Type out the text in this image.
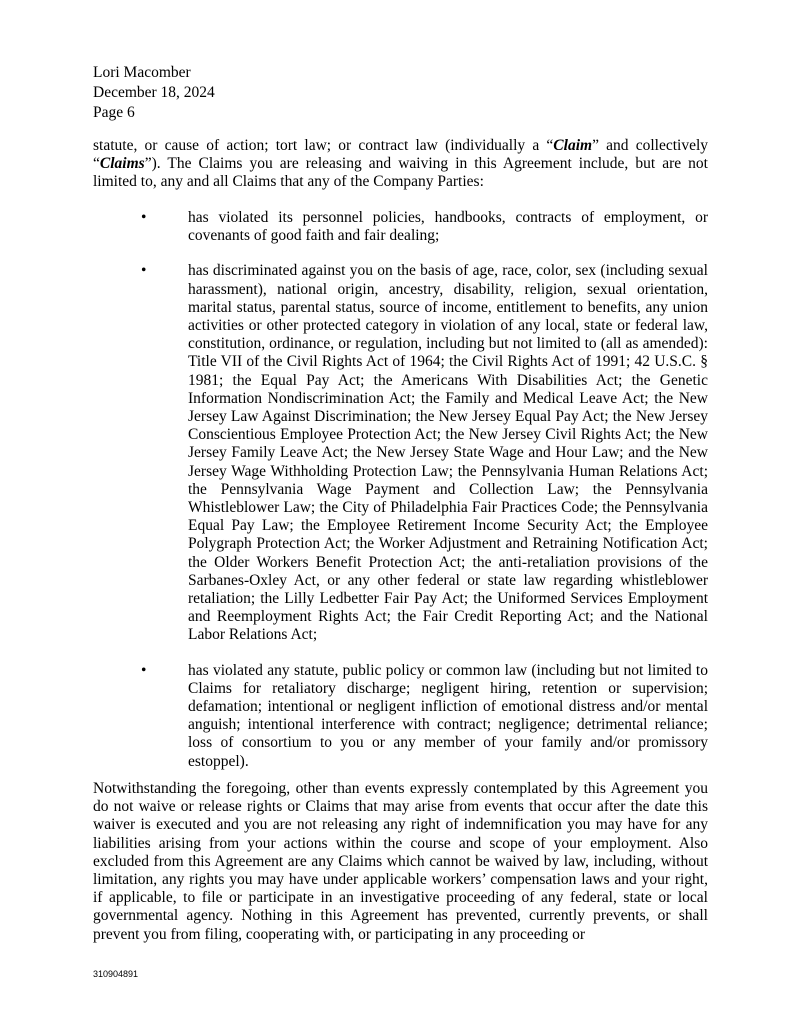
Lori Macomber
December 18, 2024
Page 6
statute, or cause of action; tort law; or contract law (individually a “Claim” and collectively “Claims”). The Claims you are releasing and waiving in this Agreement include, but are not limited to, any and all Claims that any of the Company Parties:
•	has violated its personnel policies, handbooks, contracts of employment, or covenants of good faith and fair dealing;
•	has discriminated against you on the basis of age, race, color, sex (including sexual harassment), national origin, ancestry, disability, religion, sexual orientation, marital status, parental status, source of income, entitlement to benefits, any union activities or other protected category in violation of any local, state or federal law, constitution, ordinance, or regulation, including but not limited to (all as amended): Title VII of the Civil Rights Act of 1964; the Civil Rights Act of 1991; 42 U.S.C. § 1981; the Equal Pay Act; the Americans With Disabilities Act; the Genetic Information Nondiscrimination Act; the Family and Medical Leave Act; the New Jersey Law Against Discrimination; the New Jersey Equal Pay Act; the New Jersey Conscientious Employee Protection Act; the New Jersey Civil Rights Act; the New Jersey Family Leave Act; the New Jersey State Wage and Hour Law; and the New Jersey Wage Withholding Protection Law; the Pennsylvania Human Relations Act; the Pennsylvania Wage Payment and Collection Law; the Pennsylvania Whistleblower Law; the City of Philadelphia Fair Practices Code; the Pennsylvania Equal Pay Law; the Employee Retirement Income Security Act; the Employee Polygraph Protection Act; the Worker Adjustment and Retraining Notification Act; the Older Workers Benefit Protection Act; the anti-retaliation provisions of the Sarbanes-Oxley Act, or any other federal or state law regarding whistleblower retaliation; the Lilly Ledbetter Fair Pay Act; the Uniformed Services Employment and Reemployment Rights Act; the Fair Credit Reporting Act; and the National Labor Relations Act;
•	has violated any statute, public policy or common law (including but not limited to Claims for retaliatory discharge; negligent hiring, retention or supervision; defamation; intentional or negligent infliction of emotional distress and/or mental anguish; intentional interference with contract; negligence; detrimental reliance; loss of consortium to you or any member of your family and/or promissory estoppel).
Notwithstanding the foregoing, other than events expressly contemplated by this Agreement you do not waive or release rights or Claims that may arise from events that occur after the date this waiver is executed and you are not releasing any right of indemnification you may have for any liabilities arising from your actions within the course and scope of your employment. Also excluded from this Agreement are any Claims which cannot be waived by law, including, without limitation, any rights you may have under applicable workers’ compensation laws and your right, if applicable, to file or participate in an investigative proceeding of any federal, state or local governmental agency. Nothing in this Agreement has prevented, currently prevents, or shall prevent you from filing, cooperating with, or participating in any proceeding or
310904891
